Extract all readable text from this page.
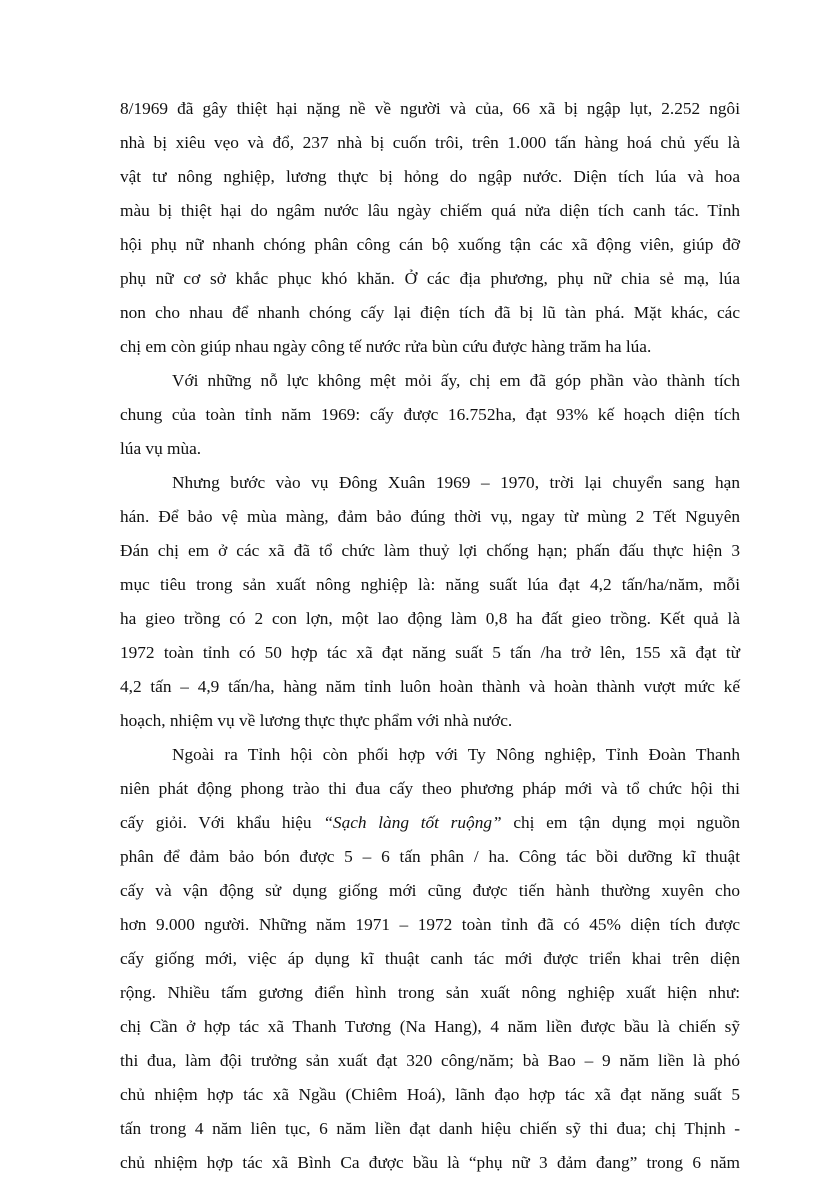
8/1969 đã gây thiệt hại nặng nề về người và của, 66 xã bị ngập lụt, 2.252 ngôi
nhà bị xiêu vẹo và đổ, 237 nhà bị cuốn trôi, trên 1.000 tấn hàng hoá chủ yếu là
vật tư nông nghiệp, lương thực bị hỏng do ngập nước. Diện tích lúa và hoa
màu bị thiệt hại do ngâm nước lâu ngày chiếm quá nửa diện tích canh tác. Tỉnh
hội phụ nữ nhanh chóng phân công cán bộ xuống tận các xã động viên, giúp đỡ
phụ nữ cơ sở khắc phục khó khăn. Ở các địa phương, phụ nữ chia sẻ mạ, lúa
non cho nhau để nhanh chóng cấy lại điện tích đã bị lũ tàn phá. Mặt khác, các
chị em còn giúp nhau ngày công tế nước rửa bùn cứu được hàng trăm ha lúa.
Với những nỗ lực không mệt mỏi ấy, chị em đã góp phần vào thành tích
chung của toàn tỉnh năm 1969: cấy được 16.752ha, đạt 93% kế hoạch diện tích
lúa vụ mùa.
Nhưng bước vào vụ Đông Xuân 1969 – 1970, trời lại chuyển sang hạn
hán. Để bảo vệ mùa màng, đảm bảo đúng thời vụ, ngay từ mùng 2 Tết Nguyên
Đán chị em ở các xã đã tổ chức làm thuỷ lợi chống hạn; phấn đấu thực hiện 3
mục tiêu trong sản xuất nông nghiệp là: năng suất lúa đạt 4,2 tấn/ha/năm, mỗi
ha gieo trồng có 2 con lợn, một lao động làm 0,8 ha đất gieo trồng. Kết quả là
1972 toàn tỉnh có 50 hợp tác xã đạt năng suất 5 tấn /ha trở lên, 155 xã đạt từ
4,2 tấn – 4,9 tấn/ha, hàng năm tỉnh luôn hoàn thành và hoàn thành vượt mức kế
hoạch, nhiệm vụ về lương thực thực phẩm với nhà nước.
Ngoài ra Tỉnh hội còn phối hợp với Ty Nông nghiệp, Tỉnh Đoàn Thanh
niên phát động phong trào thi đua cấy theo phương pháp mới và tổ chức hội thi
cấy giỏi. Với khẩu hiệu “Sạch làng tốt ruộng” chị em tận dụng mọi nguồn
phân để đảm bảo bón được 5 – 6 tấn phân / ha. Công tác bồi dưỡng kĩ thuật
cấy và vận động sử dụng giống mới cũng được tiến hành thường xuyên cho
hơn 9.000 người. Những năm 1971 – 1972 toàn tỉnh đã có 45% diện tích được
cấy giống mới, việc áp dụng kĩ thuật canh tác mới được triển khai trên diện
rộng. Nhiều tấm gương điển hình trong sản xuất nông nghiệp xuất hiện như:
chị Cần ở hợp tác xã Thanh Tương (Na Hang), 4 năm liền được bầu là chiến sỹ
thi đua, làm đội trưởng sản xuất đạt 320 công/năm; bà Bao – 9 năm liền là phó
chủ nhiệm hợp tác xã Ngầu (Chiêm Hoá), lãnh đạo hợp tác xã đạt năng suất 5
tấn trong 4 năm liên tục, 6 năm liền đạt danh hiệu chiến sỹ thi đua; chị Thịnh -
chủ nhiệm hợp tác xã Bình Ca được bầu là “phụ nữ 3 đảm đang” trong 6 năm
